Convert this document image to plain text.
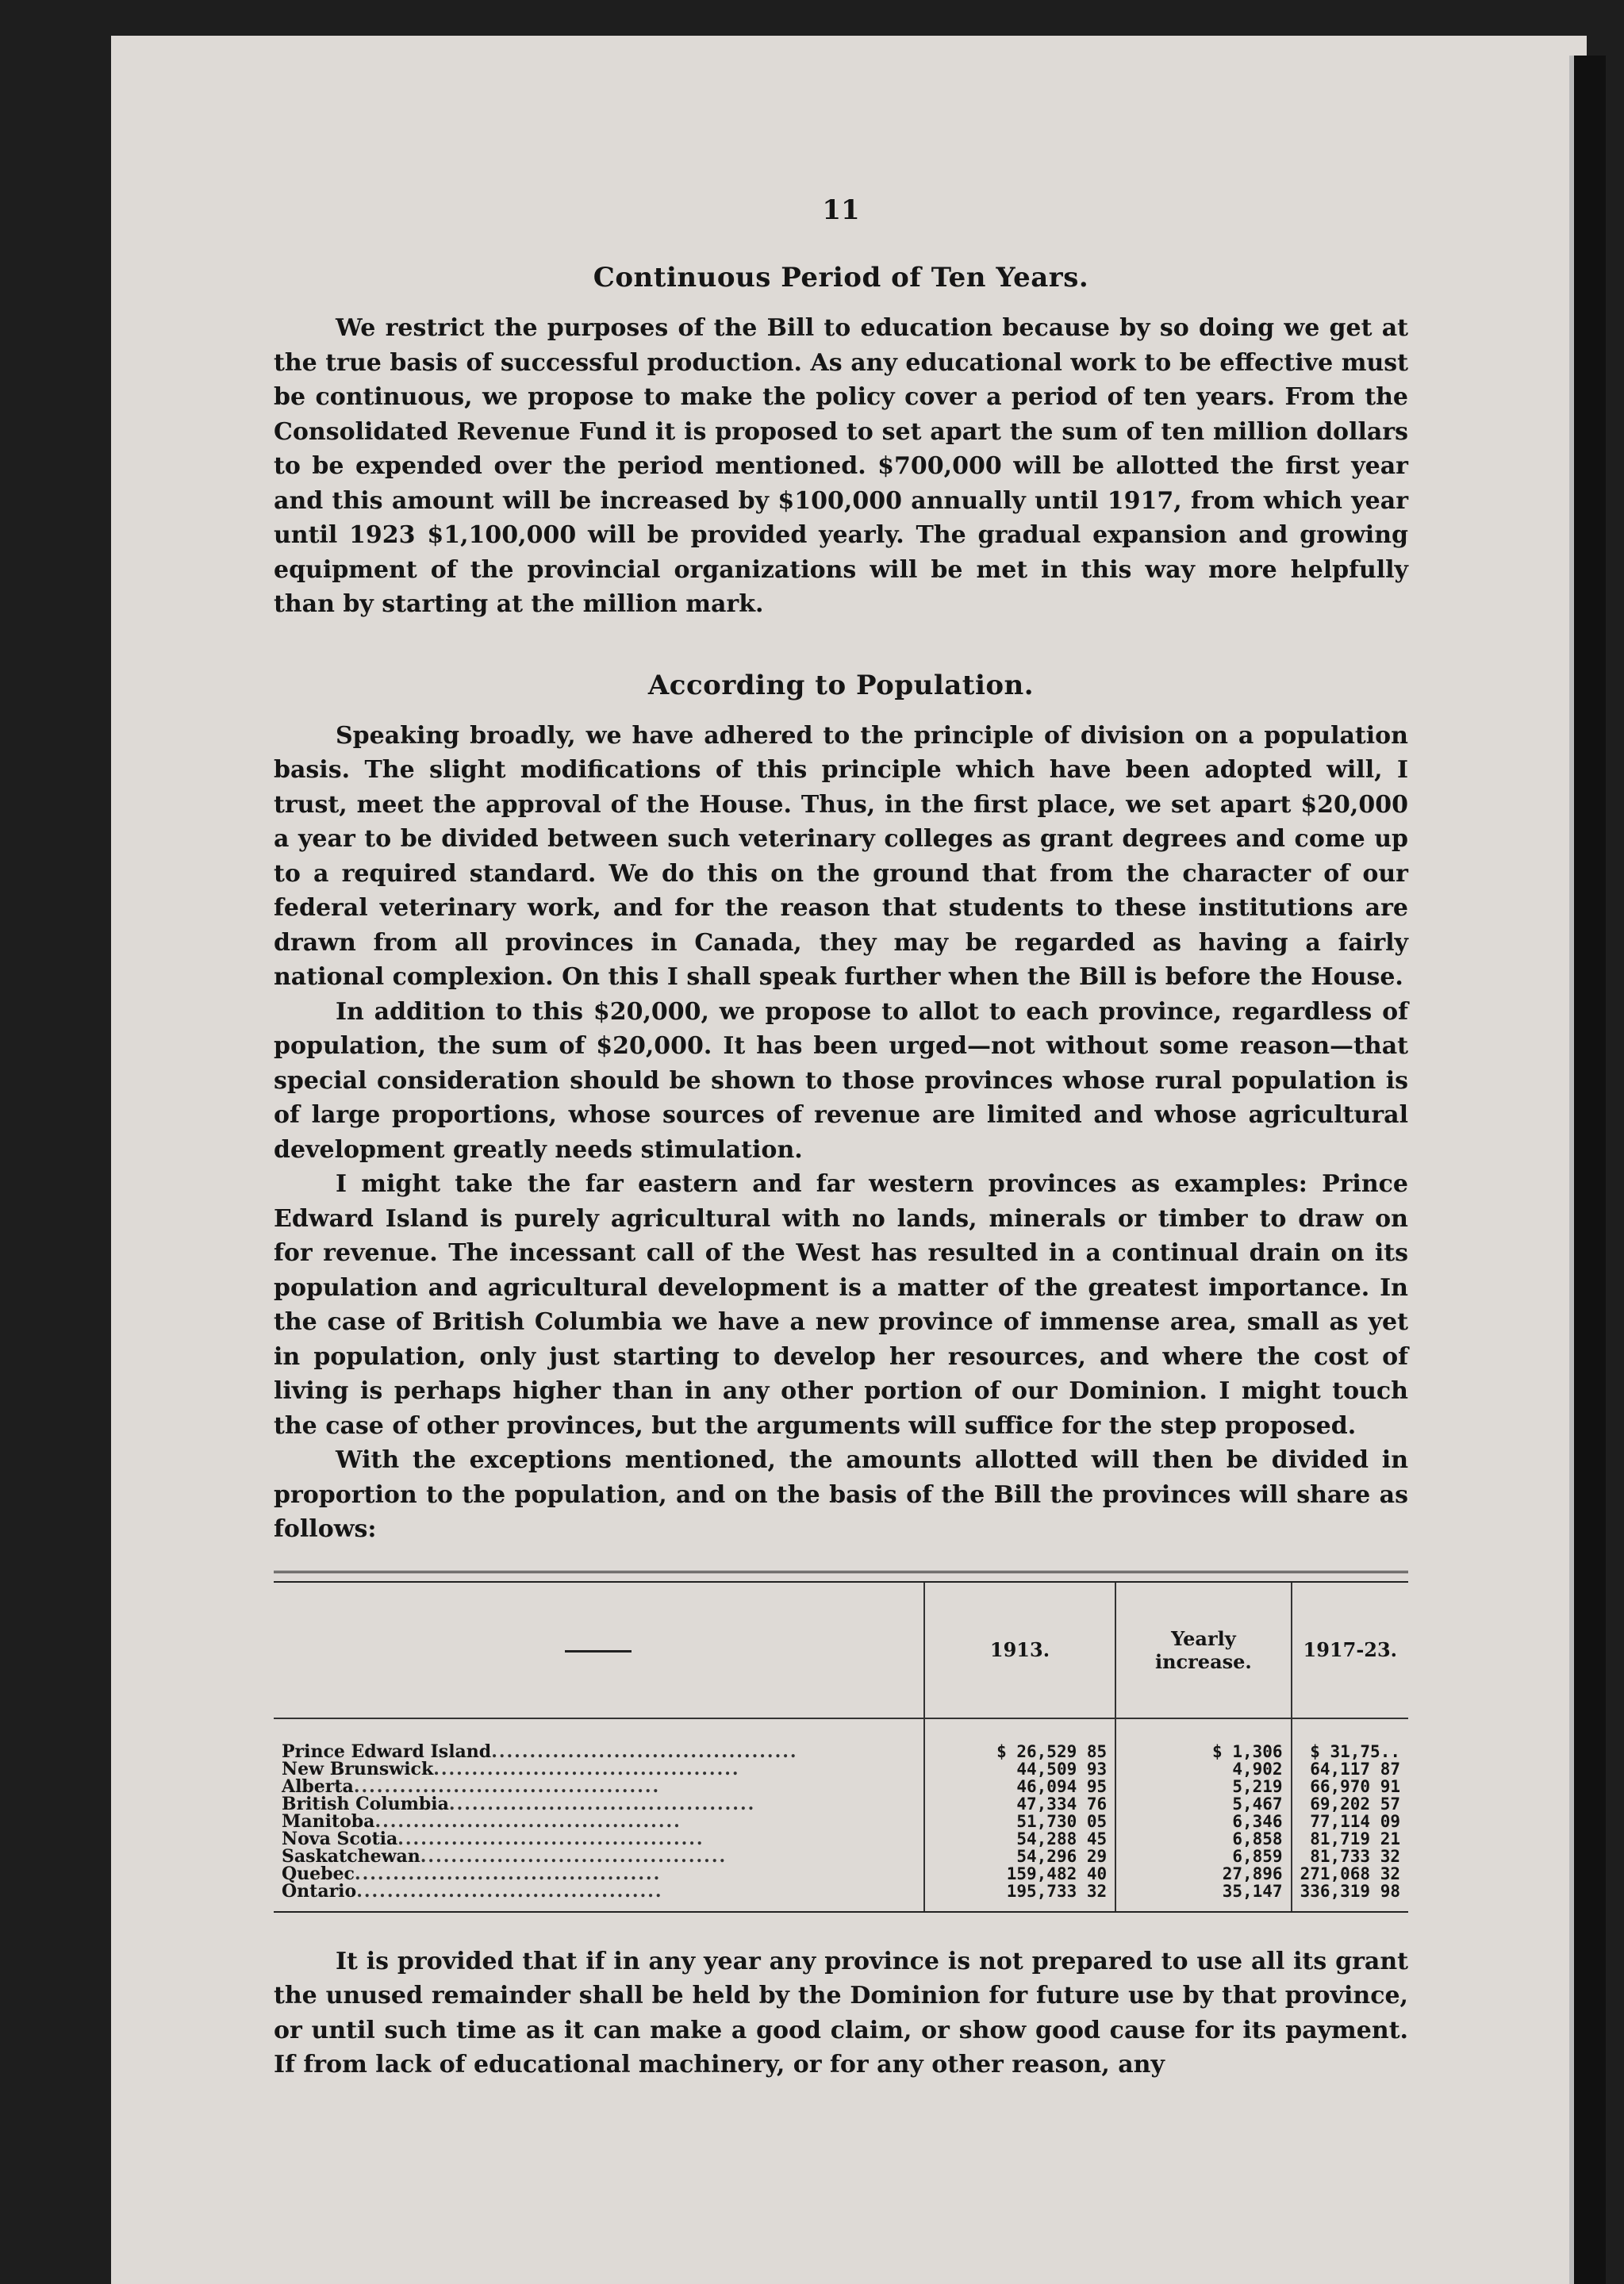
11
Continuous Period of Ten Years.

We restrict the purposes of the Bill to education because by so doing we get at the true basis of successful production. As any educational work to be effective must be continuous, we propose to make the policy cover a period of ten years. From the Consolidated Revenue Fund it is proposed to set apart the sum of ten million dollars to be expended over the period mentioned. $700,000 will be allotted the first year and this amount will be increased by $100,000 annually until 1917, from which year until 1923 $1,100,000 will be provided yearly. The gradual expansion and growing equipment of the provincial organizations will be met in this way more helpfully than by starting at the million mark.

According to Population.

Speaking broadly, we have adhered to the principle of division on a population basis. The slight modifications of this principle which have been adopted will, I trust, meet the approval of the House. Thus, in the first place, we set apart $20,000 a year to be divided between such veterinary colleges as grant degrees and come up to a required standard. We do this on the ground that from the character of our federal veterinary work, and for the reason that students to these institutions are drawn from all provinces in Canada, they may be regarded as having a fairly national complexion. On this I shall speak further when the Bill is before the House.

In addition to this $20,000, we propose to allot to each province, regardless of population, the sum of $20,000. It has been urged—not without some reason—that special consideration should be shown to those provinces whose rural population is of large proportions, whose sources of revenue are limited and whose agricultural development greatly needs stimulation.

I might take the far eastern and far western provinces as examples: Prince Edward Island is purely agricultural with no lands, minerals or timber to draw on for revenue. The incessant call of the West has resulted in a continual drain on its population and agricultural development is a matter of the greatest importance. In the case of British Columbia we have a new province of immense area, small as yet in population, only just starting to develop her resources, and where the cost of living is perhaps higher than in any other portion of our Dominion. I might touch the case of other provinces, but the arguments will suffice for the step proposed.

With the exceptions mentioned, the amounts allotted will then be divided in proportion to the population, and on the basis of the Bill the provinces will share as follows:

	1913.	Yearly increase.	1917-23.
Prince Edward Island........................................	$ 26,529 85	$ 1,306	$ 31,75..
New Brunswick........................................	44,509 93	4,902	64,117 87
Alberta........................................	46,094 95	5,219	66,970 91
British Columbia........................................	47,334 76	5,467	69,202 57
Manitoba........................................	51,730 05	6,346	77,114 09
Nova Scotia........................................	54,288 45	6,858	81,719 21
Saskatchewan........................................	54,296 29	6,859	81,733 32
Quebec........................................	159,482 40	27,896	271,068 32
Ontario........................................	195,733 32	35,147	336,319 98

It is provided that if in any year any province is not prepared to use all its grant the unused remainder shall be held by the Dominion for future use by that province, or until such time as it can make a good claim, or show good cause for its payment. If from lack of educational machinery, or for any other reason, any
